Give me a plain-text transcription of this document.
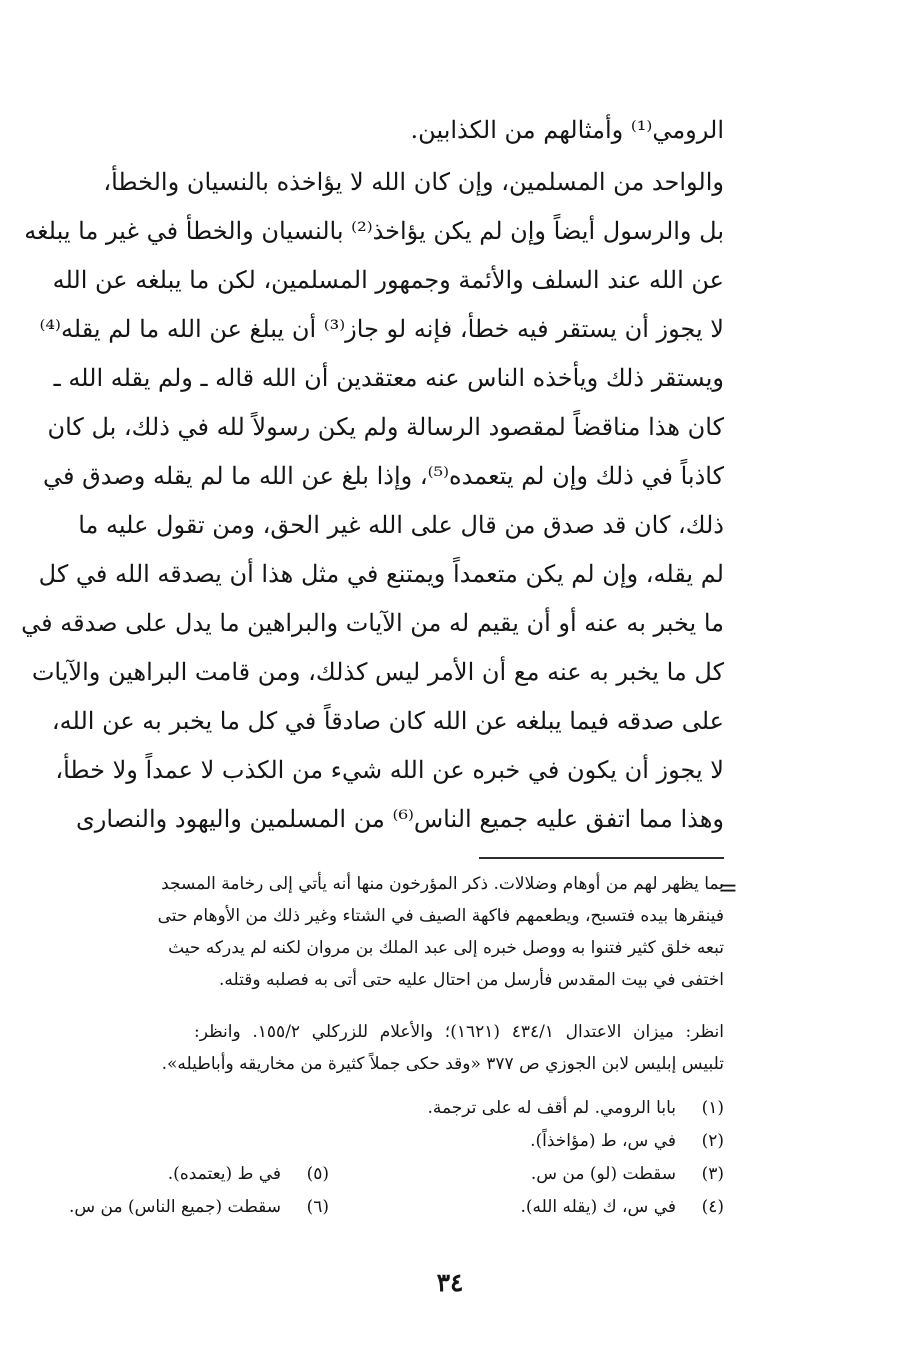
الرومي⁽¹⁾ وأمثالهم من الكذابين.
والواحد من المسلمين، وإن كان الله لا يؤاخذه بالنسيان والخطأ،
بل والرسول أيضاً وإن لم يكن يؤاخذ⁽²⁾ بالنسيان والخطأ في غير ما يبلغه
عن الله عند السلف والأئمة وجمهور المسلمين، لكن ما يبلغه عن الله
لا يجوز أن يستقر فيه خطأ، فإنه لو جاز⁽³⁾ أن يبلغ عن الله ما لم يقله⁽⁴⁾
ويستقر ذلك ويأخذه الناس عنه معتقدين أن الله قاله ـ ولم يقله الله ـ
كان هذا مناقضاً لمقصود الرسالة ولم يكن رسولاً لله في ذلك، بل كان
كاذباً في ذلك وإن لم يتعمده⁽⁵⁾، وإذا بلغ عن الله ما لم يقله وصدق في
ذلك، كان قد صدق من قال على الله غير الحق، ومن تقول عليه ما
لم يقله، وإن لم يكن متعمداً ويمتنع في مثل هذا أن يصدقه الله في كل
ما يخبر به عنه أو أن يقيم له من الآيات والبراهين ما يدل على صدقه في
كل ما يخبر به عنه مع أن الأمر ليس كذلك، ومن قامت البراهين والآيات
على صدقه فيما يبلغه عن الله كان صادقاً في كل ما يخبر به عن الله،
لا يجوز أن يكون في خبره عن الله شيء من الكذب لا عمداً ولا خطأ،
وهذا مما اتفق عليه جميع الناس⁽⁶⁾ من المسلمين واليهود والنصارى
=
بما يظهر لهم من أوهام وضلالات. ذكر المؤرخون منها أنه يأتي إلى رخامة المسجد
فينقرها بيده فتسبح، ويطعمهم فاكهة الصيف في الشتاء وغير ذلك من الأوهام حتى
تبعه خلق كثير فتنوا به ووصل خبره إلى عبد الملك بن مروان لكنه لم يدركه حيث
اختفى في بيت المقدس فأرسل من احتال عليه حتى أتى به فصلبه وقتله.
انظر: ميزان الاعتدال ٤٣٤/١ (١٦٢١)؛ والأعلام للزركلي ١٥٥/٢. وانظر:
تلبيس إبليس لابن الجوزي ص ٣٧٧ «وقد حكى جملاً كثيرة من مخاريقه وأباطيله».
(١)
بابا الرومي. لم أقف له على ترجمة.
(٢)
في س، ط (مؤاخذاً).
(٣)
سقطت (لو) من س.
(٤)
في س، ك (يقله الله).
(٥)
في ط (يعتمده).
(٦)
سقطت (جميع الناس) من س.
٣٤
